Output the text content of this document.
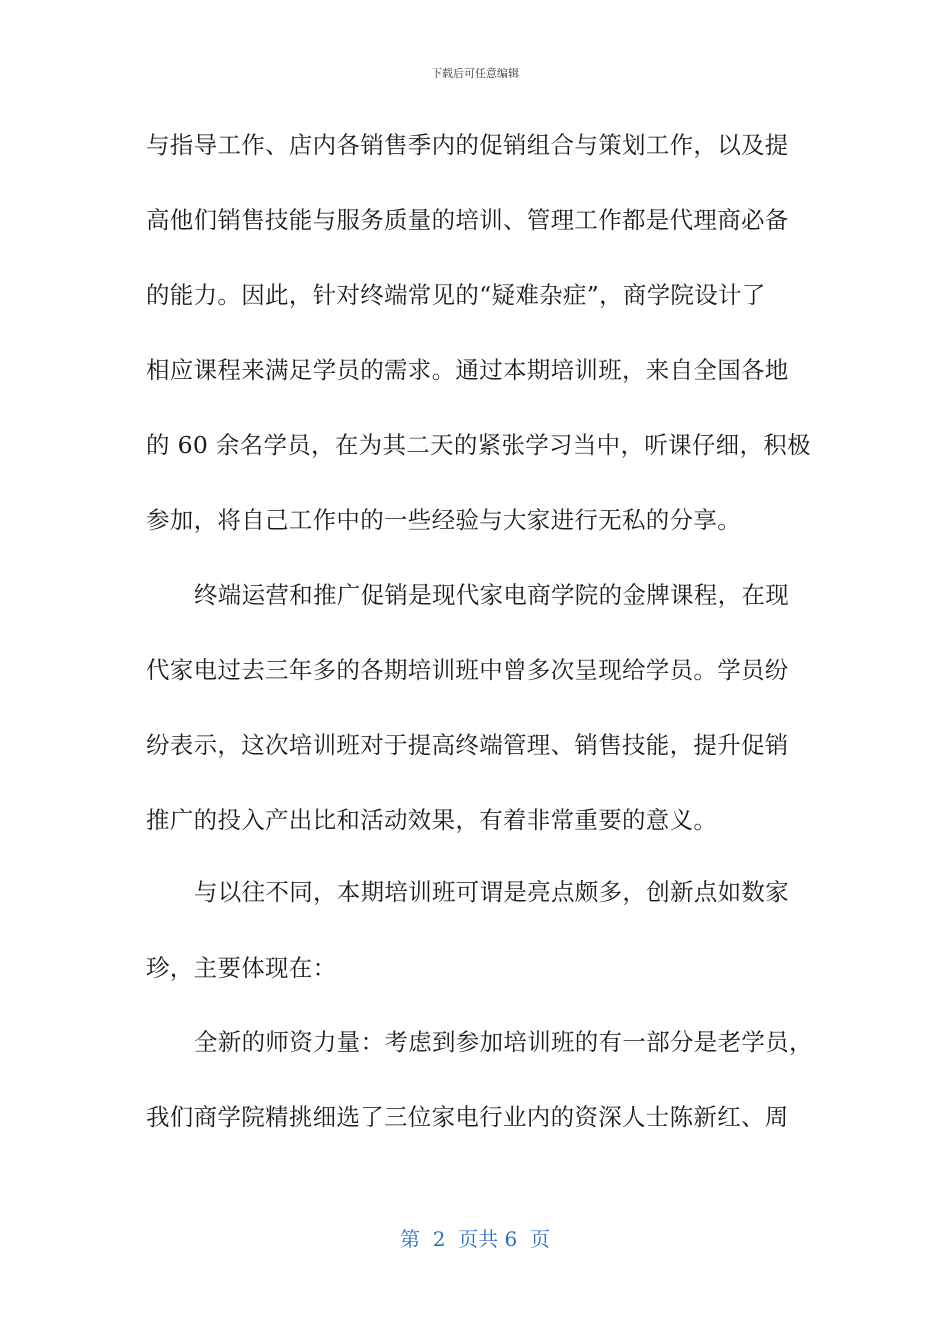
下载后可任意编辑
与指导工作、店内各销售季内的促销组合与策划工作，以及提
高他们销售技能与服务质量的培训、管理工作都是代理商必备
的能力。因此，针对终端常见的“疑难杂症”，商学院设计了
相应课程来满足学员的需求。通过本期培训班，来自全国各地
的 60 余名学员，在为其二天的紧张学习当中，听课仔细，积极
参加，将自己工作中的一些经验与大家进行无私的分享。
终端运营和推广促销是现代家电商学院的金牌课程，在现
代家电过去三年多的各期培训班中曾多次呈现给学员。学员纷
纷表示，这次培训班对于提高终端管理、销售技能，提升促销
推广的投入产出比和活动效果，有着非常重要的意义。
与以往不同，本期培训班可谓是亮点颇多，创新点如数家
珍，主要体现在：
全新的师资力量：考虑到参加培训班的有一部分是老学员，
我们商学院精挑细选了三位家电行业内的资深人士陈新红、周
第  2  页共 6  页
